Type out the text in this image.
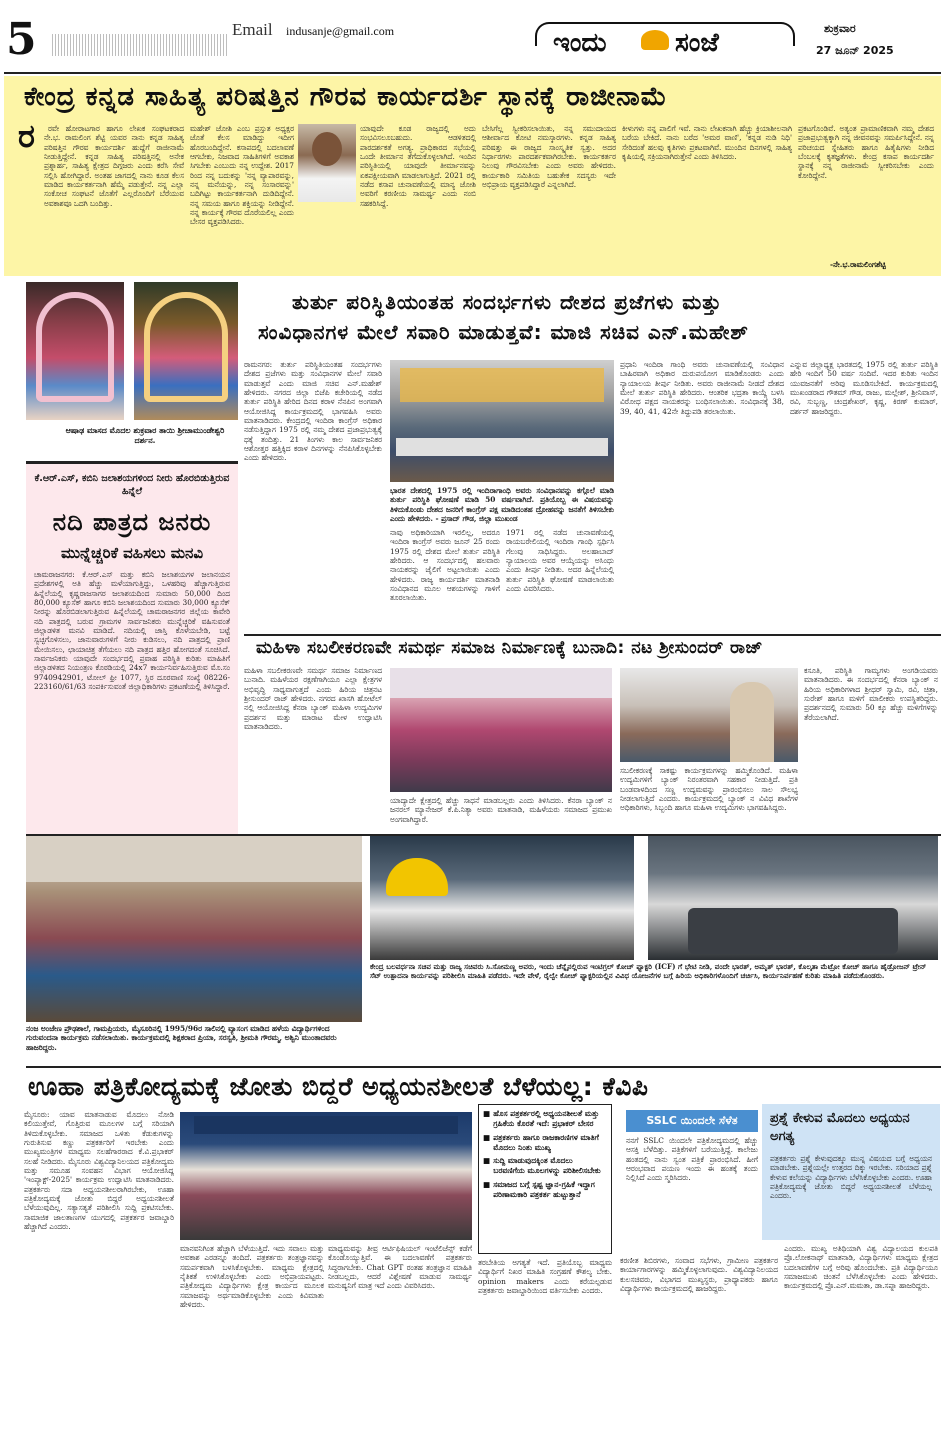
5	Email indusanje@gmail.com	ಇಂದು	ಸಂಜೆ	ಶುಕ್ರವಾರ
27 ಜೂನ್ 2025
ಕೇಂದ್ರ ಕನ್ನಡ ಸಾಹಿತ್ಯ ಪರಿಷತ್ತಿನ ಗೌರವ ಕಾರ್ಯದರ್ಶಿ ಸ್ಥಾನಕ್ಕೆ ರಾಜೀನಾಮೆ
ರ	ರವೇ ಹೋರಾಟಗಾರ ಹಾಗೂ ಲೇಖಕ ಸಂಘಟಕರಾದ ನೇ.ಭ. ರಾಮಲಿಂಗ ಶೆಟ್ಟಿ ಯವರ ನಾನು ಕನ್ನಡ ಸಾಹಿತ್ಯ ಪರಿಷತ್ತಿನ ಗೌರವ ಕಾರ್ಯದರ್ಶಿ ಹುದ್ದೆಗೆ ರಾಜೀನಾಮೆ ನೀಡುತ್ತಿದ್ದೇನೆ. ಕನ್ನಡ ಸಾಹಿತ್ಯ ಪರಿಷತ್ತಿನಲ್ಲಿ ಅನೇಕ ಪ್ರಶ್ನಾರ್ಹ, ಸಾಹಿತ್ಯ ಕ್ಷೇತ್ರದ ದಿಗ್ಗಜರು ಎಂದು ಕರೆಸಿ ಸೇವೆ ಸಲ್ಲಿಸಿ ಹೋಗಿದ್ದಾರೆ. ಅಂತಹ ಜಾಗದಲ್ಲಿ ನಾನು ಕೂಡ ಕೆಲಸ ಮಾಡಿದ ಕಾರ್ಯಕರ್ತನಾಗಿ ಹೆಮ್ಮೆ ಪಡುತ್ತೇನೆ. ನನ್ನ ಎಲ್ಲಾ ಸಂಕೋಚ ಸಂಘಟನೆ ಜೊತೆಗೆ ಎಲ್ಲರೊಂದಿಗೆ ಬೆರೆಯುವ ಅವಕಾಶವೂ ಒದಗಿ ಬಂದಿತ್ತು.
ಮಹೇಶ್ ಜೋಶಿ ಎಂಬ ಪ್ರಸ್ತುತ ಅಧ್ಯಕ್ಷರ ಜೊತೆ ಕೆಲಸ ಮಾಡಿದ್ದು ಇದೀಗ ಹೊರಬಂದಿದ್ದೇನೆ. ಕಸಾಪದಲ್ಲಿ ಬದಲಾವಣೆ ಆಗಬೇಕು, ನಿಜವಾದ ಸಾಹಿತಿಗಳಿಗೆ ಅವಕಾಶ ಸಿಗಬೇಕು ಎಂಬುದು ನನ್ನ ಉದ್ದೇಶ. 2017 ರಿಂದ ನನ್ನ ಬದುಕನ್ನು 'ನನ್ನ ವ್ಯಾಪಾರವನ್ನು, ನನ್ನ ಮನೆಯನ್ನು, ನನ್ನ ಸಂಸಾರವನ್ನು' ಬದಿಗಿಟ್ಟು ಕಾರ್ಯಕರ್ತನಾಗಿ ದುಡಿದಿದ್ದೇನೆ. ನನ್ನ ಸಮಯ ಹಾಗೂ ಶಕ್ತಿಯನ್ನು ನೀಡಿದ್ದೇನೆ. ನನ್ನ ಕಾರ್ಯಕ್ಕೆ ಗೌರವ ದೊರೆಯಲಿಲ್ಲ ಎಂದು ಬೇಸರ ವ್ಯಕ್ತಪಡಿಸಿದರು.
ಯಾವುದೇ ಕೂಡ ರಾಜ್ಯದಲ್ಲಿ ಅದು ಸಂಭವಿಸಲೂಬಹುದು. ಆಡಳಿತದಲ್ಲಿ ಪಾರದರ್ಶಕತೆ ಅಗತ್ಯ. ಪ್ರಾಧಿಕಾರದ ಸಭೆಯಲ್ಲಿ ಒಂದೇ ತೀರ್ಮಾನ ತೆಗೆದುಕೊಳ್ಳಲಾಗಿದೆ. ಇಂದಿನ ಪರಿಸ್ಥಿತಿಯಲ್ಲಿ ಯಾವುದೇ ತೀರ್ಮಾನವನ್ನು ಏಕಪಕ್ಷೀಯವಾಗಿ ಮಾಡಲಾಗುತ್ತಿದೆ. 2021 ರಲ್ಲಿ ನಡೆದ ಕಸಾಪ ಚುನಾವಣೆಯಲ್ಲಿ ಮಾನ್ಯ ಜೋಶಿ ಅವರಿಗೆ ಕರಣೀಯ ಸಾಮರ್ಥ್ಯ ಎಂದು ನಂಬಿ ಸಹಕರಿಸಿದ್ದೆ.
ಬೇಸಿಗೆಲ್ಲ ಸ್ವೀಕರಿಸಲಾಯಿತು, ನನ್ನ ಸಮುದಾಯದ ಆಶೀರ್ವಾದ ಕೋಟಿ ನಮಸ್ಕಾರಗಳು. ಕನ್ನಡ ಸಾಹಿತ್ಯ ಪರಿಷತ್ತು ಈ ರಾಜ್ಯದ ಸಾಂಸ್ಕೃತಿಕ ಸ್ವತ್ತು. ಅದರ ನಿರ್ಧಾರಗಳು ಪಾರದರ್ಶಕವಾಗಿರಬೇಕು. ಕಾರ್ಯಕರ್ತರ ನಿಲುವು ಗೌರವಿಸಬೇಕು ಎಂದು ಅವರು ಹೇಳಿದರು. ಕಾರ್ಯಕಾರಿ ಸಮಿತಿಯ ಬಹುತೇಕ ಸದಸ್ಯರು ಇದೇ ಅಭಿಪ್ರಾಯ ವ್ಯಕ್ತಪಡಿಸಿದ್ದಾರೆ ಎನ್ನಲಾಗಿದೆ.
ಕೀಳುಗಳು ನನ್ನ ಪಾಲಿಗೆ ಇವೆ. ನಾನು ಲೇಖಕನಾಗಿ ಹೆಚ್ಚು ಕ್ರಿಯಾಶೀಲನಾಗಿ ಬರೆಯ ಬೇಕಿದೆ. ನಾನು ಬರೆದ 'ಅಮರ ವಾಣಿ', 'ಕನ್ನಡ ನುಡಿ ನಿಧಿ' ಸೇರಿದಂತೆ ಹಲವು ಕೃತಿಗಳು ಪ್ರಕಟವಾಗಿವೆ. ಮುಂದಿನ ದಿನಗಳಲ್ಲಿ ಸಾಹಿತ್ಯ ಕೃಷಿಯಲ್ಲಿ ಸಕ್ರಿಯನಾಗಿರುತ್ತೇನೆ ಎಂದು ತಿಳಿಸಿದರು.
ಪ್ರಕಟಗೊಂಡಿವೆ. ಅತ್ಯಂತ ಪ್ರಾಮಾಣಿಕವಾಗಿ ನಮ್ಮ ದೇಶದ ಪ್ರಜಾಪ್ರಭುತ್ವಕ್ಕಾಗಿ ನನ್ನ ಜೀವನವನ್ನು ಸಮರ್ಪಿಸಿದ್ದೇನೆ. ನನ್ನ ಪರಿಚಯದ ಸ್ನೇಹಿತರು ಹಾಗೂ ಹಿತೈಷಿಗಳು ನೀಡಿದ ಬೆಂಬಲಕ್ಕೆ ಕೃತಜ್ಞತೆಗಳು. ಕೇಂದ್ರ ಕಸಾಪ ಕಾರ್ಯದರ್ಶಿ ಸ್ಥಾನಕ್ಕೆ ನನ್ನ ರಾಜೀನಾಮೆ ಸ್ವೀಕರಿಸಬೇಕು ಎಂದು ಕೋರಿದ್ದೇನೆ.
-ನೇ.ಭ.ರಾಮಲಿಂಗಶೆಟ್ಟಿ
ಆಷಾಢ ಮಾಸದ ಮೊದಲ ಶುಕ್ರವಾರ ತಾಯಿ ಶ್ರೀಚಾಮುಂಡೇಶ್ವರಿ ದರ್ಶನ.
ಕೆ.ಆರ್.ಎಸ್, ಕಬಿನಿ ಜಲಾಶಯಗಳಿಂದ ನೀರು ಹೊರಬಿಡುತ್ತಿರುವ ಹಿನ್ನೆಲೆ
ನದಿ ಪಾತ್ರದ ಜನರು
ಮುನ್ನೆಚ್ಚರಿಕೆ ವಹಿಸಲು ಮನವಿ
ಚಾಮರಾಜನಗರ: ಕೆ.ಆರ್.ಎಸ್ ಮತ್ತು ಕಬಿನಿ ಜಲಾಶಯಗಳ ಜಲಾನಯನ ಪ್ರದೇಶಗಳಲ್ಲಿ ಅತಿ ಹೆಚ್ಚು ಮಳೆಯಾಗುತ್ತಿದ್ದು, ಒಳಹರಿವು ಹೆಚ್ಚಾಗುತ್ತಿರುವ ಹಿನ್ನೆಲೆಯಲ್ಲಿ ಕೃಷ್ಣರಾಜಸಾಗರ ಜಲಾಶಯದಿಂದ ಸುಮಾರು 50,000 ದಿಂದ 80,000 ಕ್ಯೂಸೆಕ್ ಹಾಗೂ ಕಬಿನಿ ಜಲಾಶಯದಿಂದ ಸುಮಾರು 30,000 ಕ್ಯೂಸೆಕ್ ನೀರನ್ನು ಹೊರಬಿಡಲಾಗುತ್ತಿರುವ ಹಿನ್ನೆಲೆಯಲ್ಲಿ ಚಾಮರಾಜನಗರ ಜಿಲ್ಲೆಯ ಕಾವೇರಿ ನದಿ ಪಾತ್ರದಲ್ಲಿ ಬರುವ ಗ್ರಾಮಗಳ ಸಾರ್ವಜನಿಕರು ಮುನ್ನೆಚ್ಚರಿಕೆ ವಹಿಸುವಂತೆ ಜಿಲ್ಲಾಡಳಿತ ಮನವಿ ಮಾಡಿದೆ. ನದಿಯಲ್ಲಿ ಜಾಸ್ತಿ ಕೊಳೆಯಬೇಡಿ, ಬಟ್ಟೆ ಸ್ವಚ್ಛಗೊಳಿಸಲು, ಜಾನುವಾರುಗಳಿಗೆ ನೀರು ಕುಡಿಸಲು, ನದಿ ಪಾತ್ರದಲ್ಲಿ ಪ್ರಾಣಿ ಮೇಯಿಸಲು, ಛಾಯಾಚಿತ್ರ ತೆಗೆಯಲು ನದಿ ಪಾತ್ರದ ಹತ್ತಿರ ಹೋಗದಂತೆ ಸೂಚಿಸಿದೆ. ಸಾರ್ವಜನಿಕರು ಯಾವುದೇ ಸಂದರ್ಭದಲ್ಲಿ ಪ್ರವಾಹ ಪರಿಸ್ಥಿತಿ ಕುರಿತು ಮಾಹಿತಿಗೆ ಜಿಲ್ಲಾಡಳಿತದ ನಿಯಂತ್ರಣ ಕೊಠಡಿಯಲ್ಲಿ 24x7 ಕಾರ್ಯನಿರ್ವಹಿಸುತ್ತಿರುವ ಮೊ.ಸಂ 9740942901, ಟೋಲ್ ಫ್ರೀ 1077, ಸ್ಥಿರ ದೂರವಾಣಿ ಸಂಖ್ಯೆ 08226-223160/61/63 ಸಂಪರ್ಕಿಸುವಂತೆ ಜಿಲ್ಲಾಧಿಕಾರಿಗಳು ಪ್ರಕಟಣೆಯಲ್ಲಿ ತಿಳಿಸಿದ್ದಾರೆ.
ತುರ್ತು ಪರಿಸ್ಥಿತಿಯಂತಹ ಸಂದರ್ಭಗಳು ದೇಶದ ಪ್ರಜೆಗಳು ಮತ್ತು
ಸಂವಿಧಾನಗಳ ಮೇಲೆ ಸವಾರಿ ಮಾಡುತ್ತವೆ: ಮಾಜಿ ಸಚಿವ ಎನ್.ಮಹೇಶ್
ರಾಮನಗರ: ತುರ್ತು ಪರಿಸ್ಥಿತಿಯಂತಹ ಸಂದರ್ಭಗಳು ದೇಶದ ಪ್ರಜೆಗಳು ಮತ್ತು ಸಂವಿಧಾನಗಳ ಮೇಲೆ ಸವಾರಿ ಮಾಡುತ್ತವೆ ಎಂದು ಮಾಜಿ ಸಚಿವ ಎನ್.ಮಹೇಶ್ ಹೇಳಿದರು. ನಗರದ ಜಿಲ್ಲಾ ಬಿಜೆಪಿ ಕಚೇರಿಯಲ್ಲಿ ನಡೆದ ತುರ್ತು ಪರಿಸ್ಥಿತಿ ಹೇರಿದ ದಿನದ ಕರಾಳ ನೆನಪಿನ ಅಂಗವಾಗಿ ಆಯೋಜಿಸಿದ್ದ ಕಾರ್ಯಕ್ರಮದಲ್ಲಿ ಭಾಗವಹಿಸಿ ಅವರು ಮಾತನಾಡಿದರು. ಕೇಂದ್ರದಲ್ಲಿ ಇಂದಿರಾ ಕಾಂಗ್ರೆಸ್ ಅಧಿಕಾರ ನಡೆಸುತ್ತಿದ್ದಾಗ 1975 ರಲ್ಲಿ ನಮ್ಮ ದೇಶದ ಪ್ರಜಾಪ್ರಭುತ್ವಕ್ಕೆ ಧಕ್ಕೆ ತಂದಿತ್ತು. 21 ತಿಂಗಳು ಕಾಲ ಸಾರ್ವಜನಿಕರ ಆಶೋತ್ತರ ಹತ್ತಿಕ್ಕಿದ ಕರಾಳ ದಿನಗಳನ್ನು ನೆನಪಿಸಿಕೊಳ್ಳಬೇಕು ಎಂದು ಹೇಳಿದರು.
ಭಾರತ ದೇಶದಲ್ಲಿ 1975 ರಲ್ಲಿ ಇಂದಿರಾಗಾಂಧಿ ಅವರು ಸಂವಿಧಾನವನ್ನು ಕಗ್ಗೊಲೆ ಮಾಡಿ ತುರ್ತು ಪರಿಸ್ಥಿತಿ ಘೋಷಣೆ ಮಾಡಿ 50 ವರ್ಷವಾಗಿದೆ. ಪ್ರತಿಯೊಬ್ಬ ಈ ವಿಷಯವನ್ನು ತಿಳಿದುಕೊಂಡು ದೇಶದ ಜನರಿಗೆ ಕಾಂಗ್ರೆಸ್ ಪಕ್ಷ ಮಾಡಿದಂತಹ ದ್ರೋಹವನ್ನು ಜನತೆಗೆ ತಿಳಿಸಬೇಕು ಎಂದು ಹೇಳಿದರು. - ಪ್ರಸಾದ್ ಗೌಡ, ಜಿಲ್ಲಾ ಮುಖಂಡ
ನಾವು ಅಧಿಕಾರಿಯಾಗಿ ಇರಲಿಲ್ಲ, ಅದರೂ ಇಂದಿರಾ ಕಾಂಗ್ರೆಸ್ ಅವರು ಜೂನ್ 25 ರಂದು 1975 ರಲ್ಲಿ ದೇಶದ ಮೇಲೆ ತುರ್ತು ಪರಿಸ್ಥಿತಿ ಹೇರಿದರು. ಆ ಸಂದರ್ಭದಲ್ಲಿ ಹಲವಾರು ನಾಯಕರನ್ನು ಜೈಲಿಗೆ ಅಟ್ಟಲಾಯಿತು ಎಂದು ಹೇಳಿದರು. ರಾಜ್ಯ ಕಾರ್ಯದರ್ಶಿ ಮಾತನಾಡಿ ಸಂವಿಧಾನದ ಮೂಲ ಆಶಯಗಳನ್ನು ಗಾಳಿಗೆ ತೂರಲಾಯಿತು.
1971 ರಲ್ಲಿ ನಡೆದ ಚುನಾವಣೆಯಲ್ಲಿ ರಾಯಬರೇಲಿಯಲ್ಲಿ ಇಂದಿರಾ ಗಾಂಧಿ ಸ್ಪರ್ಧಿಸಿ ಗೆಲುವು ಸಾಧಿಸಿದ್ದರು. ಅಲಹಾಬಾದ್ ನ್ಯಾಯಾಲಯ ಅವರ ಆಯ್ಕೆಯನ್ನು ಅಸಿಂಧು ಎಂದು ತೀರ್ಪು ನೀಡಿತು. ಅದರ ಹಿನ್ನೆಲೆಯಲ್ಲಿ ತುರ್ತು ಪರಿಸ್ಥಿತಿ ಘೋಷಣೆ ಮಾಡಲಾಯಿತು ಎಂದು ವಿವರಿಸಿದರು.
ಪ್ರಧಾನಿ ಇಂದಿರಾ ಗಾಂಧಿ ಅವರು ಚುನಾವಣೆಯಲ್ಲಿ ಸಂವಿಧಾನ ಬಾಹಿರವಾಗಿ ಅಧಿಕಾರ ದುರುಪಯೋಗ ಮಾಡಿಕೊಂಡರು ಎಂದು ನ್ಯಾಯಾಲಯ ತೀರ್ಪು ನೀಡಿತು. ಅವರು ರಾಜೀನಾಮೆ ನೀಡದೆ ದೇಶದ ಮೇಲೆ ತುರ್ತು ಪರಿಸ್ಥಿತಿ ಹೇರಿದರು. ಆಂತರಿಕ ಭದ್ರತಾ ಕಾಯ್ದೆ ಬಳಸಿ ವಿರೋಧ ಪಕ್ಷದ ನಾಯಕರನ್ನು ಬಂಧಿಸಲಾಯಿತು. ಸಂವಿಧಾನಕ್ಕೆ 38, 39, 40, 41, 42ನೇ ತಿದ್ದುಪಡಿ ತರಲಾಯಿತು.
ಎನ್ನುವ ಜಿಲ್ಲಾಧ್ಯಕ್ಷ ಭಾರತದಲ್ಲಿ 1975 ರಲ್ಲಿ ತುರ್ತು ಪರಿಸ್ಥಿತಿ ಹೇರಿ ಇಂದಿಗೆ 50 ವರ್ಷ ಸಂದಿವೆ. ಇದರ ಕುರಿತು ಇಂದಿನ ಯುವಜನತೆಗೆ ಅರಿವು ಮೂಡಿಸಬೇಕಿದೆ. ಕಾರ್ಯಕ್ರಮದಲ್ಲಿ ಮುಖಂಡರಾದ ಗೌತಮ್ ಗೌಡ, ರಾಜು, ಮಲ್ಲೇಶ್, ಶ್ರೀನಿವಾಸ್, ರವಿ, ಸುಬ್ಬಣ್ಣ, ಚಂದ್ರಶೇಖರ್, ಕೃಷ್ಣ, ಕಿರಣ್ ಕುಮಾರ್, ದರ್ಶನ್ ಹಾಜರಿದ್ದರು.
ಮಹಿಳಾ ಸಬಲೀಕರಣವೇ ಸಮರ್ಥ ಸಮಾಜ ನಿರ್ಮಾಣಕ್ಕೆ ಬುನಾದಿ: ನಟ ಶ್ರೀಸುಂದರ್ ರಾಜ್
ಮಹಿಳಾ ಸಬಲೀಕರಣವೇ ಸಮರ್ಥ ಸಮಾಜ ನಿರ್ಮಾಣದ ಬುನಾದಿ. ಮಹಿಳೆಯರ ರಕ್ಷಣೆಗಾಗಿಯೂ ಎಲ್ಲಾ ಕ್ಷೇತ್ರಗಳ ಅಭಿವೃದ್ಧಿ ಸಾಧ್ಯವಾಗುತ್ತದೆ ಎಂದು ಹಿರಿಯ ಚಿತ್ರನಟ ಶ್ರೀಸುಂದರ್ ರಾಜ್ ಹೇಳಿದರು. ನಗರದ ಖಾಸಗಿ ಹೋಟೆಲ್ ನಲ್ಲಿ ಆಯೋಜಿಸಿದ್ದ ಕೆನರಾ ಬ್ಯಾಂಕ್ ಮಹಿಳಾ ಉದ್ಯಮಿಗಳ ಪ್ರದರ್ಶನ ಮತ್ತು ಮಾರಾಟ ಮೇಳ ಉದ್ಘಾಟಿಸಿ ಮಾತನಾಡಿದರು.
ಯಾದ್ಯಾದೇ ಕ್ಷೇತ್ರದಲ್ಲಿ ಹೆಚ್ಚು ಸಾಧನೆ ಮಾಡಬಲ್ಲರು ಎಂದು ತಿಳಿಸಿದರು. ಕೆನರಾ ಬ್ಯಾಂಕ್ ನ ಜನರಲ್ ಮ್ಯಾನೇಜರ್ ಕೆ.ಪಿ.ನಿತ್ಯಾ ಅವರು ಮಾತನಾಡಿ, ಮಹಿಳೆಯರು ಸಮಾಜದ ಪ್ರಮುಖ ಅಂಗವಾಗಿದ್ದಾರೆ.
ಸಬಲೀಕರಣಕ್ಕೆ ಸಾಕಷ್ಟು ಕಾರ್ಯಕ್ರಮಗಳನ್ನು ಹಮ್ಮಿಕೊಂಡಿದೆ. ಮಹಿಳಾ ಉದ್ಯಮಿಗಳಿಗೆ ಬ್ಯಾಂಕ್ ನಿರಂತರವಾಗಿ ಸಹಕಾರ ನೀಡುತ್ತಿದೆ. ಪ್ರತಿ ಬಂಡವಾಳದಿಂದ ಸಣ್ಣ ಉದ್ಯಮವನ್ನು ಪ್ರಾರಂಭಿಸಲು ಸಾಲ ಸೌಲಭ್ಯ ನೀಡಲಾಗುತ್ತಿದೆ ಎಂದರು. ಕಾರ್ಯಕ್ರಮದಲ್ಲಿ ಬ್ಯಾಂಕ್ ನ ವಿವಿಧ ಶಾಖೆಗಳ ಅಧಿಕಾರಿಗಳು, ಸಿಬ್ಬಂದಿ ಹಾಗೂ ಮಹಿಳಾ ಉದ್ಯಮಿಗಳು ಭಾಗವಹಿಸಿದ್ದರು.
ಕಸೂತಿ, ಪರಿಸ್ಥಿತಿ ಗಾಮ್ಯಗಳು ಅಂಗಡಿಯವರು ಮಾತನಾಡಿದರು. ಈ ಸಂದರ್ಭದಲ್ಲಿ ಕೆನರಾ ಬ್ಯಾಂಕ್ ನ ಹಿರಿಯ ಅಧಿಕಾರಿಗಳಾದ ಶ್ರೀಧರ್ ಸ್ವಾಮಿ, ರವಿ, ಚಿತ್ರಾ, ಸುರೇಶ್ ಹಾಗೂ ಮಳಿಗೆ ಮಾಲೀಕರು ಉಪಸ್ಥಿತರಿದ್ದರು. ಪ್ರದರ್ಶನದಲ್ಲಿ ಸುಮಾರು 50 ಕ್ಕೂ ಹೆಚ್ಚು ಮಳಿಗೆಗಳನ್ನು ತೆರೆಯಲಾಗಿದೆ.
ನಂಜ ಅಂಜೇಣ ಪ್ರೌಢಶಾಲೆ, ಗಾಮಪ್ರಿಯರು, ಮೈಸೂರಿನಲ್ಲಿ 1995/96ರ ಸಾಲಿನಲ್ಲಿ ವ್ಯಾಸಂಗ ಮಾಡಿದ ಹಳೆಯ ವಿದ್ಯಾರ್ಥಿಗಳಿಂದ ಗುರುವಂದನಾ ಕಾರ್ಯಕ್ರಮ ನಡೆಸಲಾಯಿತು. ಕಾರ್ಯಕ್ರಮದಲ್ಲಿ ಶಿಕ್ಷಕರಾದ ಪ್ರಿಯಾ, ಸರಸ್ವತಿ, ಶ್ರೀಮತಿ ಗೌರಮ್ಮ, ಅಶ್ವಿನಿ ಮುಂತಾದವರು ಹಾಜರಿದ್ದರು.
ಕೇಂದ್ರ ಬಲವರ್ಧನಾ ಸಚಿವ ಮತ್ತು ರಾಜ್ಯ ಸಚಿವರು ಸಿ.ಸೋಮಣ್ಣ ಅವರು, ಇಂದು ಚೆನ್ನೈನಲ್ಲಿರುವ ಇಂಟಿಗ್ರಲ್ ಕೋಚ್ ಫ್ಯಾಕ್ಟರಿ (ICF) ಗೆ ಭೇಟಿ ನೀಡಿ, ವಂದೇ ಭಾರತ್, ಅಮೃತ್ ಭಾರತ್, ಕೊಲ್ಕತಾ ಮೆಟ್ರೋ ಕೋಚ್ ಹಾಗೂ ಹೈಡ್ರೋಜನ್ ಟ್ರೇನ್ ಸೆಟ್ ಉತ್ಪಾದನಾ ಕಾರ್ಯವನ್ನು ಪರಿಶೀಲಿಸಿ ಮಾಹಿತಿ ಪಡೆದರು. ಇದೇ ವೇಳೆ, ರೈಲ್ವೇ ಕೋಚ್ ಫ್ಯಾಕ್ಟರಿಯಲ್ಲಿನ ವಿವಿಧ ಯೋಜನೆಗಳ ಬಗ್ಗೆ ಹಿರಿಯ ಅಧಿಕಾರಿಗಳೊಂದಿಗೆ ಚರ್ಚಿಸಿ, ಕಾರ್ಯನಿರ್ವಹಣೆ ಕುರಿತು ಮಾಹಿತಿ ಪಡೆದುಕೊಂಡರು.
ಊಹಾ ಪತ್ರಿಕೋದ್ಯಮಕ್ಕೆ ಜೋತು ಬಿದ್ದರೆ ಅಧ್ಯಯನಶೀಲತೆ ಬೆಳೆಯಲ್ಲ: ಕೆವಿಪಿ
ಮೈಸೂರು: ಯಾವ ಮಾತನಾಡುವ ಮೊದಲು ನೋಡಿ ಕಲಿಯುತ್ತೇವೆ, ಗೊತ್ತಿರುವ ಮೂಲಗಳ ಬಗ್ಗೆ ಸರಿಯಾಗಿ ತಿಳಿದುಕೊಳ್ಳಬೇಕು. ಸಮಾಜದ ಒಳಿತು ಕೆಡುಕುಗಳನ್ನು ಗುರುತಿಸುವ ಕಣ್ಣು ಪತ್ರಕರ್ತರಿಗೆ ಇರಬೇಕು ಎಂದು ಮುಖ್ಯಮಂತ್ರಿಗಳ ಮಾಧ್ಯಮ ಸಲಹೆಗಾರರಾದ ಕೆ.ವಿ.ಪ್ರಭಾಕರ್ ಸಲಹೆ ನೀಡಿದರು. ಮೈಸೂರು ವಿಶ್ವವಿದ್ಯಾನಿಲಯದ ಪತ್ರಿಕೋದ್ಯಮ ಮತ್ತು ಸಮೂಹ ಸಂವಹನ ವಿಭಾಗ ಆಯೋಜಿಸಿದ್ದ 'ಇಂಪ್ಯಾಕ್ಟ್-2025' ಕಾರ್ಯಕ್ರಮ ಉದ್ಘಾಟಿಸಿ ಮಾತನಾಡಿದರು. ಪತ್ರಕರ್ತರು ಸದಾ ಅಧ್ಯಯನಶೀಲರಾಗಿರಬೇಕು, ಊಹಾ ಪತ್ರಿಕೋದ್ಯಮಕ್ಕೆ ಜೋತು ಬಿದ್ದರೆ ಅಧ್ಯಯನಶೀಲತೆ ಬೆಳೆಯುವುದಿಲ್ಲ. ಸತ್ಯಾಸತ್ಯತೆ ಪರಿಶೀಲಿಸಿ ಸುದ್ದಿ ಪ್ರಕಟಿಸಬೇಕು. ಸಾಮಾಜಿಕ ಜಾಲತಾಣಗಳ ಯುಗದಲ್ಲಿ ಪತ್ರಕರ್ತರ ಜವಾಬ್ದಾರಿ ಹೆಚ್ಚಾಗಿದೆ ಎಂದರು.
ಮಾನವನಿಗಿಂತ ಹೆಚ್ಚಾಗಿ ಬೆಳೆಯುತ್ತಿದೆ. ಇದು ಸವಾಲು ಮತ್ತು ಅವಕಾಶ ಎರಡನ್ನೂ ತಂದಿದೆ. ಪತ್ರಕರ್ತರು ತಂತ್ರಜ್ಞಾನವನ್ನು ಸಮರ್ಪಕವಾಗಿ ಬಳಸಿಕೊಳ್ಳಬೇಕು. ಮಾಧ್ಯಮ ಕ್ಷೇತ್ರದಲ್ಲಿ ನೈತಿಕತೆ ಉಳಿಸಿಕೊಳ್ಳಬೇಕು ಎಂದು ಅಭಿಪ್ರಾಯಪಟ್ಟರು. ಪತ್ರಿಕೋದ್ಯಮ ವಿದ್ಯಾರ್ಥಿಗಳು ಕ್ಷೇತ್ರ ಕಾರ್ಯದ ಮೂಲಕ ಸಮಾಜವನ್ನು ಅರ್ಥಮಾಡಿಕೊಳ್ಳಬೇಕು ಎಂದು ಕಿವಿಮಾತು ಹೇಳಿದರು.
ಮಾಧ್ಯಮವನ್ನು ತೀವ್ರ ಆರ್ಟಿಫಿಷಿಯಲ್ ಇಂಟೆಲಿಜೆನ್ಸ್ ಕಡೆಗೆ ಕೊಂಡೊಯ್ಯುತ್ತಿವೆ. ಈ ಬದಲಾವಣೆಗೆ ಪತ್ರಕರ್ತರು ಸಿದ್ಧರಾಗಬೇಕು. Chat GPT ರಂತಹ ತಂತ್ರಜ್ಞಾನ ಮಾಹಿತಿ ನೀಡಬಲ್ಲದು, ಆದರೆ ವಿಶ್ಲೇಷಣೆ ಮಾಡುವ ಸಾಮರ್ಥ್ಯ ಮನುಷ್ಯನಿಗೆ ಮಾತ್ರ ಇದೆ ಎಂದು ವಿವರಿಸಿದರು.
■ ಹೊಸ ಪತ್ರಕರ್ತರಲ್ಲಿ ಅಧ್ಯಯನಶೀಲತೆ ಮತ್ತು ಗ್ರಹಿಕೆಯ ಕೊರತೆ ಇದೆ: ಪ್ರಭಾಕರ್ ಬೇಸರ
■ ಪತ್ರಕರ್ತರು ಹಾಗೂ ರಾಜಕಾರಣಿಗಳ ಮಾತಿಗೆ ಮೊದಲು ನಿಂತು ಮುಖ್ಯ
■ ಸುದ್ದಿ ಮಾಡುವುದಕ್ಕಿಂತ ಮೊದಲು ಬರವಣಿಗೆಯ ಮೂಲಗಳನ್ನು ಪರಿಶೀಲಿಸಬೇಕು
■ ಸಮಾಜದ ಬಗ್ಗೆ ಸ್ಪಷ್ಟ ಜ್ಞಾನ-ಗ್ರಹಿಕೆ ಇದ್ದಾಗ ಪರಿಣಾಮಕಾರಿ ಪತ್ರಕರ್ತ ಹುಟ್ಟುತ್ತಾನೆ
ತರಬೇತಿಯ ಅಗತ್ಯತೆ ಇದೆ. ಪ್ರತಿಯೊಬ್ಬ ಮಾಧ್ಯಮ ವಿದ್ಯಾರ್ಥಿಗೆ ನಿಖರ ಮಾಹಿತಿ ಸಂಗ್ರಹಣೆ ಕೌಶಲ್ಯ ಬೇಕು. opinion makers ಎಂದು ಕರೆಯಲ್ಪಡುವ ಪತ್ರಕರ್ತರು ಜವಾಬ್ದಾರಿಯಿಂದ ವರ್ತಿಸಬೇಕು ಎಂದರು.
SSLC ಯಿಂದಲೇ ಸೆಳೆತ
ನನಗೆ SSLC ಯಿಂದಲೇ ಪತ್ರಿಕೋದ್ಯಮದಲ್ಲಿ ಹೆಚ್ಚು ಆಸಕ್ತಿ ಬೆಳೆದಿತ್ತು. ಪತ್ರಿಕೆಗಳಿಗೆ ಬರೆಯುತ್ತಿದ್ದೆ. ಕಾಲೇಜು ಹಂತದಲ್ಲಿ ನಾನು ಸ್ವಂತ ಪತ್ರಿಕೆ ಪ್ರಾರಂಭಿಸಿದೆ. ಹೀಗೆ ಆರಂಭವಾದ ಪಯಣ ಇಂದು ಈ ಹಂತಕ್ಕೆ ತಂದು ನಿಲ್ಲಿಸಿದೆ ಎಂದು ಸ್ಮರಿಸಿದರು.
ಕರಣೀತ ಶಿಬಿರಗಳು, ಸಂವಾದ ಸಭೆಗಳು, ಗ್ರಾಮೀಣ ಪತ್ರಕರ್ತರ ಕಾರ್ಯಾಗಾರಗಳನ್ನು ಹಮ್ಮಿಕೊಳ್ಳಲಾಗುವುದು. ವಿಶ್ವವಿದ್ಯಾನಿಲಯದ ಕುಲಸಚಿವರು, ವಿಭಾಗದ ಮುಖ್ಯಸ್ಥರು, ಪ್ರಾಧ್ಯಾಪಕರು ಹಾಗೂ ವಿದ್ಯಾರ್ಥಿಗಳು ಕಾರ್ಯಕ್ರಮದಲ್ಲಿ ಹಾಜರಿದ್ದರು.
ಪ್ರಶ್ನೆ ಕೇಳುವ ಮೊದಲು ಅಧ್ಯಯನ ಅಗತ್ಯ
ಪತ್ರಕರ್ತರು ಪ್ರಶ್ನೆ ಕೇಳುವುದಕ್ಕೂ ಮುನ್ನ ವಿಷಯದ ಬಗ್ಗೆ ಅಧ್ಯಯನ ಮಾಡಬೇಕು. ಪ್ರಶ್ನೆಯಲ್ಲೇ ಉತ್ತರದ ದಿಕ್ಕು ಇರಬೇಕು. ಸರಿಯಾದ ಪ್ರಶ್ನೆ ಕೇಳುವ ಕಲೆಯನ್ನು ವಿದ್ಯಾರ್ಥಿಗಳು ಬೆಳೆಸಿಕೊಳ್ಳಬೇಕು ಎಂದರು. ಊಹಾ ಪತ್ರಿಕೋದ್ಯಮಕ್ಕೆ ಜೋತು ಬಿದ್ದರೆ ಅಧ್ಯಯನಶೀಲತೆ ಬೆಳೆಯಲ್ಲ ಎಂದರು.
ಎಂದರು. ಮುಖ್ಯ ಅತಿಥಿಯಾಗಿ ವಿಶ್ವ ವಿದ್ಯಾಲಯದ ಕುಲಪತಿ ಪ್ರೊ.ಲೋಕನಾಥ್ ಮಾತನಾಡಿ, ವಿದ್ಯಾರ್ಥಿಗಳು ಮಾಧ್ಯಮ ಕ್ಷೇತ್ರದ ಬದಲಾವಣೆಗಳ ಬಗ್ಗೆ ಅರಿವು ಹೊಂದಬೇಕು. ಪ್ರತಿ ವಿದ್ಯಾರ್ಥಿಯೂ ಸಮಾಜಮುಖಿ ಚಿಂತನೆ ಬೆಳೆಸಿಕೊಳ್ಳಬೇಕು ಎಂದು ಹೇಳಿದರು. ಕಾರ್ಯಕ್ರಮದಲ್ಲಿ ಪ್ರೊ.ಎನ್.ಮಮತಾ, ಡಾ.ಸಪ್ನಾ ಹಾಜರಿದ್ದರು.
